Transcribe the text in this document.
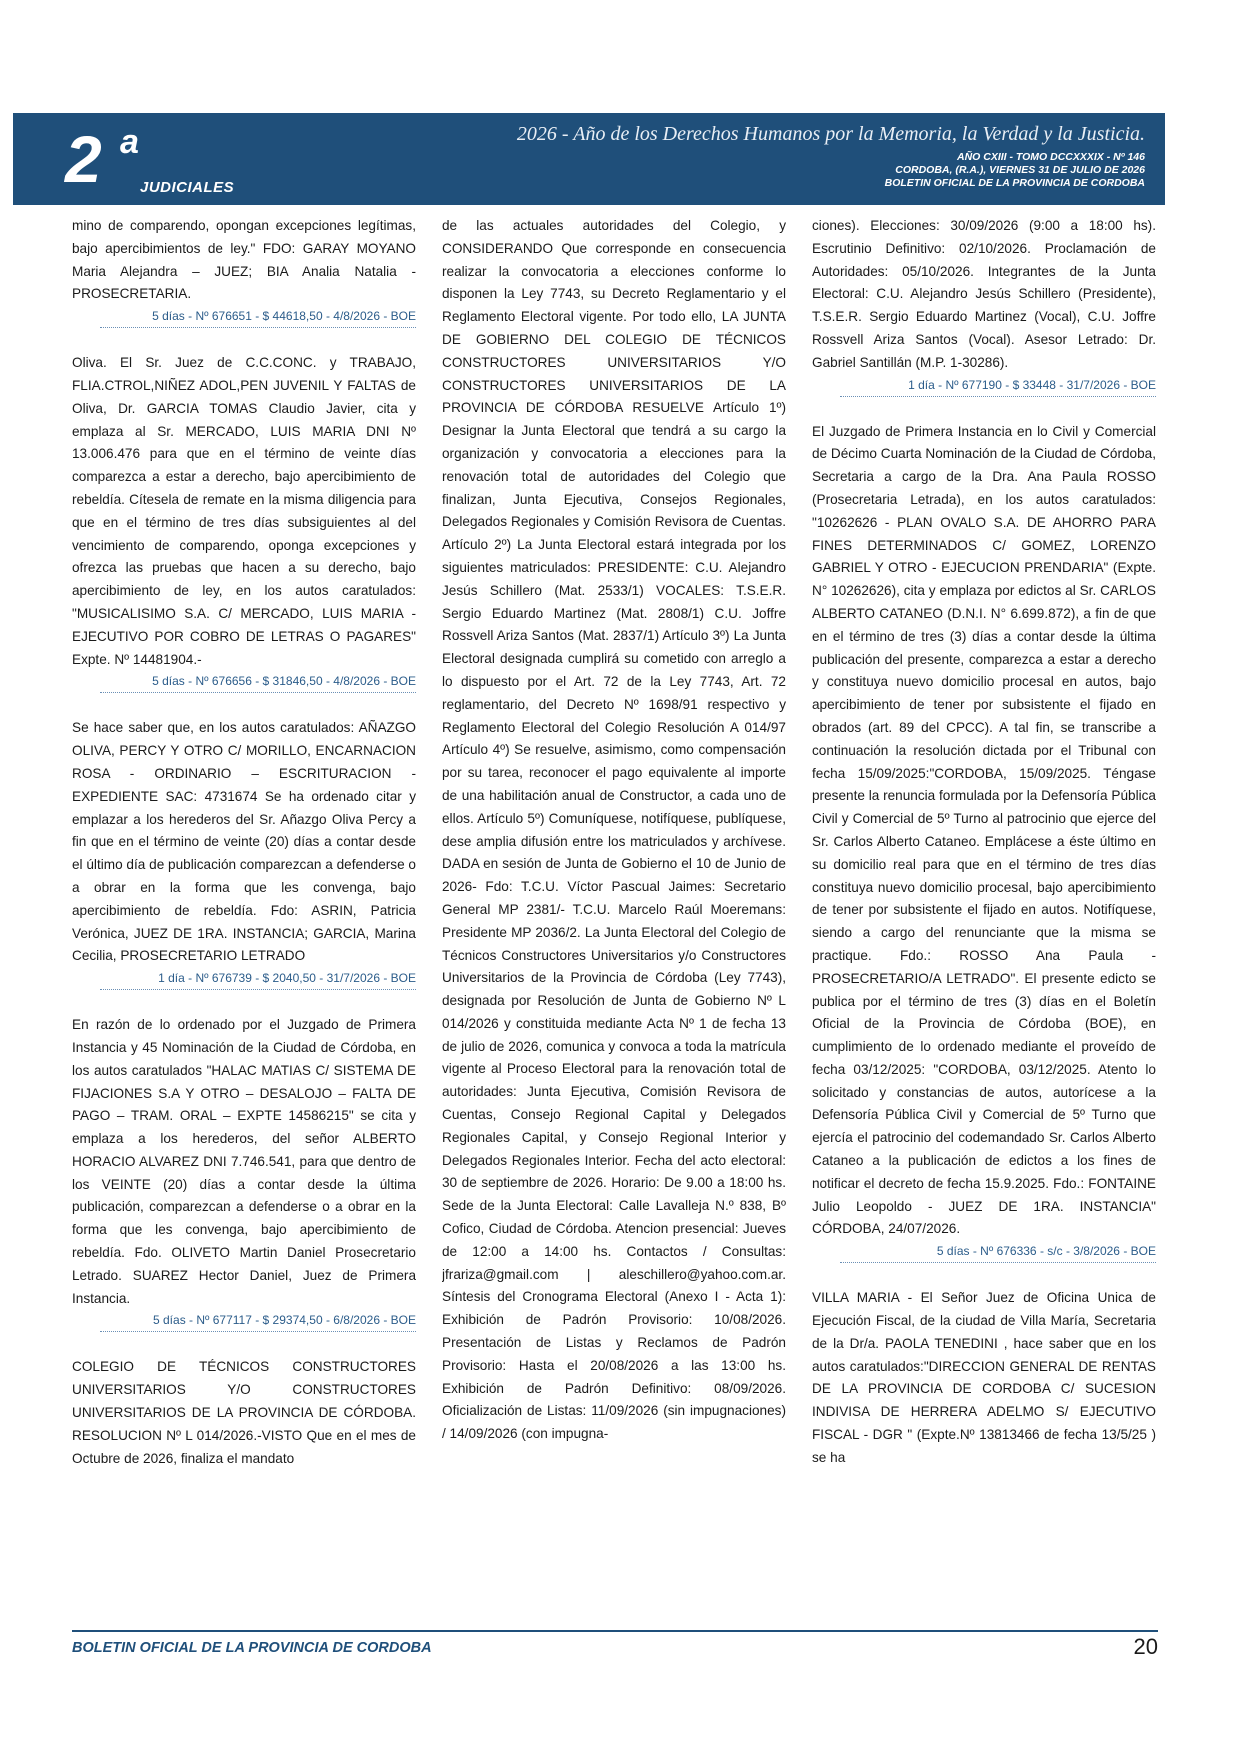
2 a
JUDICIALES
2026 - Año de los Derechos Humanos por la Memoria, la Verdad y la Justicia.
AÑO CXIII - TOMO DCCXXXIX - Nº 146
CORDOBA, (R.A.), VIERNES 31 DE JULIO DE 2026
BOLETIN OFICIAL DE LA PROVINCIA DE CORDOBA

mino de comparendo, opongan excepciones legítimas, bajo apercibimientos de ley." FDO: GARAY MOYANO Maria Alejandra – JUEZ; BIA Analia Natalia - PROSECRETARIA.

5 días - Nº 676651 - $ 44618,50 - 4/8/2026 - BOE

Oliva. El Sr. Juez de C.C.CONC. y TRABAJO, FLIA.CTROL,NIÑEZ ADOL,PEN JUVENIL Y FALTAS de Oliva, Dr. GARCIA TOMAS Claudio Javier, cita y emplaza al Sr. MERCADO, LUIS MARIA DNI Nº 13.006.476 para que en el término de veinte días comparezca a estar a derecho, bajo apercibimiento de rebeldía. Cítesela de remate en la misma diligencia para que en el término de tres días subsiguientes al del vencimiento de comparendo, oponga excepciones y ofrezca las pruebas que hacen a su derecho, bajo apercibimiento de ley, en los autos caratulados: "MUSICALISIMO S.A. C/ MERCADO, LUIS MARIA - EJECUTIVO POR COBRO DE LETRAS O PAGARES" Expte. Nº 14481904.-

5 días - Nº 676656 - $ 31846,50 - 4/8/2026 - BOE

Se hace saber que, en los autos caratulados: AÑAZGO OLIVA, PERCY Y OTRO C/ MORILLO, ENCARNACION ROSA - ORDINARIO – ESCRITURACION - EXPEDIENTE SAC: 4731674 Se ha ordenado citar y emplazar a los herederos del Sr. Añazgo Oliva Percy a fin que en el término de veinte (20) días a contar desde el último día de publicación comparezcan a defenderse o a obrar en la forma que les convenga, bajo apercibimiento de rebeldía. Fdo: ASRIN, Patricia Verónica, JUEZ DE 1RA. INSTANCIA; GARCIA, Marina Cecilia, PROSECRETARIO LETRADO

1 día - Nº 676739 - $ 2040,50 - 31/7/2026 - BOE

En razón de lo ordenado por el Juzgado de Primera Instancia y 45 Nominación de la Ciudad de Córdoba, en los autos caratulados "HALAC MATIAS C/ SISTEMA DE FIJACIONES S.A Y OTRO – DESALOJO – FALTA DE PAGO – TRAM. ORAL – EXPTE 14586215" se cita y emplaza a los herederos, del señor ALBERTO HORACIO ALVAREZ DNI 7.746.541, para que dentro de los VEINTE (20) días a contar desde la última publicación, comparezcan a defenderse o a obrar en la forma que les convenga, bajo apercibimiento de rebeldía. Fdo. OLIVETO Martin Daniel Prosecretario Letrado. SUAREZ Hector Daniel, Juez de Primera Instancia.

5 días - Nº 677117 - $ 29374,50 - 6/8/2026 - BOE

COLEGIO DE TÉCNICOS CONSTRUCTORES UNIVERSITARIOS Y/O CONSTRUCTORES UNIVERSITARIOS DE LA PROVINCIA DE CÓRDOBA. RESOLUCION Nº L 014/2026.-VISTO Que en el mes de Octubre de 2026, finaliza el mandato

de las actuales autoridades del Colegio, y CONSIDERANDO Que corresponde en consecuencia realizar la convocatoria a elecciones conforme lo disponen la Ley 7743, su Decreto Reglamentario y el Reglamento Electoral vigente. Por todo ello, LA JUNTA DE GOBIERNO DEL COLEGIO DE TÉCNICOS CONSTRUCTORES UNIVERSITARIOS Y/O CONSTRUCTORES UNIVERSITARIOS DE LA PROVINCIA DE CÓRDOBA RESUELVE Artículo 1º) Designar la Junta Electoral que tendrá a su cargo la organización y convocatoria a elecciones para la renovación total de autoridades del Colegio que finalizan, Junta Ejecutiva, Consejos Regionales, Delegados Regionales y Comisión Revisora de Cuentas. Artículo 2º) La Junta Electoral estará integrada por los siguientes matriculados: PRESIDENTE: C.U. Alejandro Jesús Schillero (Mat. 2533/1) VOCALES: T.S.E.R. Sergio Eduardo Martinez (Mat. 2808/1) C.U. Joffre Rossvell Ariza Santos (Mat. 2837/1) Artículo 3º) La Junta Electoral designada cumplirá su cometido con arreglo a lo dispuesto por el Art. 72 de la Ley 7743, Art. 72 reglamentario, del Decreto Nº 1698/91 respectivo y Reglamento Electoral del Colegio Resolución A 014/97 Artículo 4º) Se resuelve, asimismo, como compensación por su tarea, reconocer el pago equivalente al importe de una habilitación anual de Constructor, a cada uno de ellos. Artículo 5º) Comuníquese, notifíquese, publíquese, dese amplia difusión entre los matriculados y archívese. DADA en sesión de Junta de Gobierno el 10 de Junio de 2026- Fdo: T.C.U. Víctor Pascual Jaimes: Secretario General MP 2381/- T.C.U. Marcelo Raúl Moeremans: Presidente MP 2036/2. La Junta Electoral del Colegio de Técnicos Constructores Universitarios y/o Constructores Universitarios de la Provincia de Córdoba (Ley 7743), designada por Resolución de Junta de Gobierno Nº L 014/2026 y constituida mediante Acta Nº 1 de fecha 13 de julio de 2026, comunica y convoca a toda la matrícula vigente al Proceso Electoral para la renovación total de autoridades: Junta Ejecutiva, Comisión Revisora de Cuentas, Consejo Regional Capital y Delegados Regionales Capital, y Consejo Regional Interior y Delegados Regionales Interior. Fecha del acto electoral: 30 de septiembre de 2026. Horario: De 9.00 a 18:00 hs. Sede de la Junta Electoral: Calle Lavalleja N.º 838, Bº Cofico, Ciudad de Córdoba. Atencion presencial: Jueves de 12:00 a 14:00 hs. Contactos / Consultas: jfrariza@gmail.com | aleschillero@yahoo.com.ar. Síntesis del Cronograma Electoral (Anexo I - Acta 1): Exhibición de Padrón Provisorio: 10/08/2026. Presentación de Listas y Reclamos de Padrón Provisorio: Hasta el 20/08/2026 a las 13:00 hs. Exhibición de Padrón Definitivo: 08/09/2026. Oficialización de Listas: 11/09/2026 (sin impugnaciones) / 14/09/2026 (con impugna-

ciones). Elecciones: 30/09/2026 (9:00 a 18:00 hs). Escrutinio Definitivo: 02/10/2026. Proclamación de Autoridades: 05/10/2026. Integrantes de la Junta Electoral: C.U. Alejandro Jesús Schillero (Presidente), T.S.E.R. Sergio Eduardo Martinez (Vocal), C.U. Joffre Rossvell Ariza Santos (Vocal). Asesor Letrado: Dr. Gabriel Santillán (M.P. 1-30286).

1 día - Nº 677190 - $ 33448 - 31/7/2026 - BOE

El Juzgado de Primera Instancia en lo Civil y Comercial de Décimo Cuarta Nominación de la Ciudad de Córdoba, Secretaria a cargo de la Dra. Ana Paula ROSSO (Prosecretaria Letrada), en los autos caratulados: "10262626 - PLAN OVALO S.A. DE AHORRO PARA FINES DETERMINADOS C/ GOMEZ, LORENZO GABRIEL Y OTRO - EJECUCION PRENDARIA" (Expte. N° 10262626), cita y emplaza por edictos al Sr. CARLOS ALBERTO CATANEO (D.N.I. N° 6.699.872), a fin de que en el término de tres (3) días a contar desde la última publicación del presente, comparezca a estar a derecho y constituya nuevo domicilio procesal en autos, bajo apercibimiento de tener por subsistente el fijado en obrados (art. 89 del CPCC). A tal fin, se transcribe a continuación la resolución dictada por el Tribunal con fecha 15/09/2025:"CORDOBA, 15/09/2025. Téngase presente la renuncia formulada por la Defensoría Pública Civil y Comercial de 5º Turno al patrocinio que ejerce del Sr. Carlos Alberto Cataneo. Emplácese a éste último en su domicilio real para que en el término de tres días constituya nuevo domicilio procesal, bajo apercibimiento de tener por subsistente el fijado en autos. Notifíquese, siendo a cargo del renunciante que la misma se practique. Fdo.: ROSSO Ana Paula - PROSECRETARIO/A LETRADO". El presente edicto se publica por el término de tres (3) días en el Boletín Oficial de la Provincia de Córdoba (BOE), en cumplimiento de lo ordenado mediante el proveído de fecha 03/12/2025: "CORDOBA, 03/12/2025. Atento lo solicitado y constancias de autos, autorícese a la Defensoría Pública Civil y Comercial de 5º Turno que ejercía el patrocinio del codemandado Sr. Carlos Alberto Cataneo a la publicación de edictos a los fines de notificar el decreto de fecha 15.9.2025. Fdo.: FONTAINE Julio Leopoldo - JUEZ DE 1RA. INSTANCIA" CÓRDOBA, 24/07/2026.

5 días - Nº 676336 - s/c - 3/8/2026 - BOE

VILLA MARIA - El Señor Juez de Oficina Unica de Ejecución Fiscal, de la ciudad de Villa María, Secretaria de la Dr/a. PAOLA TENEDINI , hace saber que en los autos caratulados:"DIRECCION GENERAL DE RENTAS DE LA PROVINCIA DE CORDOBA C/ SUCESION INDIVISA DE HERRERA ADELMO S/ EJECUTIVO FISCAL - DGR " (Expte.Nº 13813466 de fecha 13/5/25 ) se ha

BOLETIN OFICIAL DE LA PROVINCIA DE CORDOBA	20
